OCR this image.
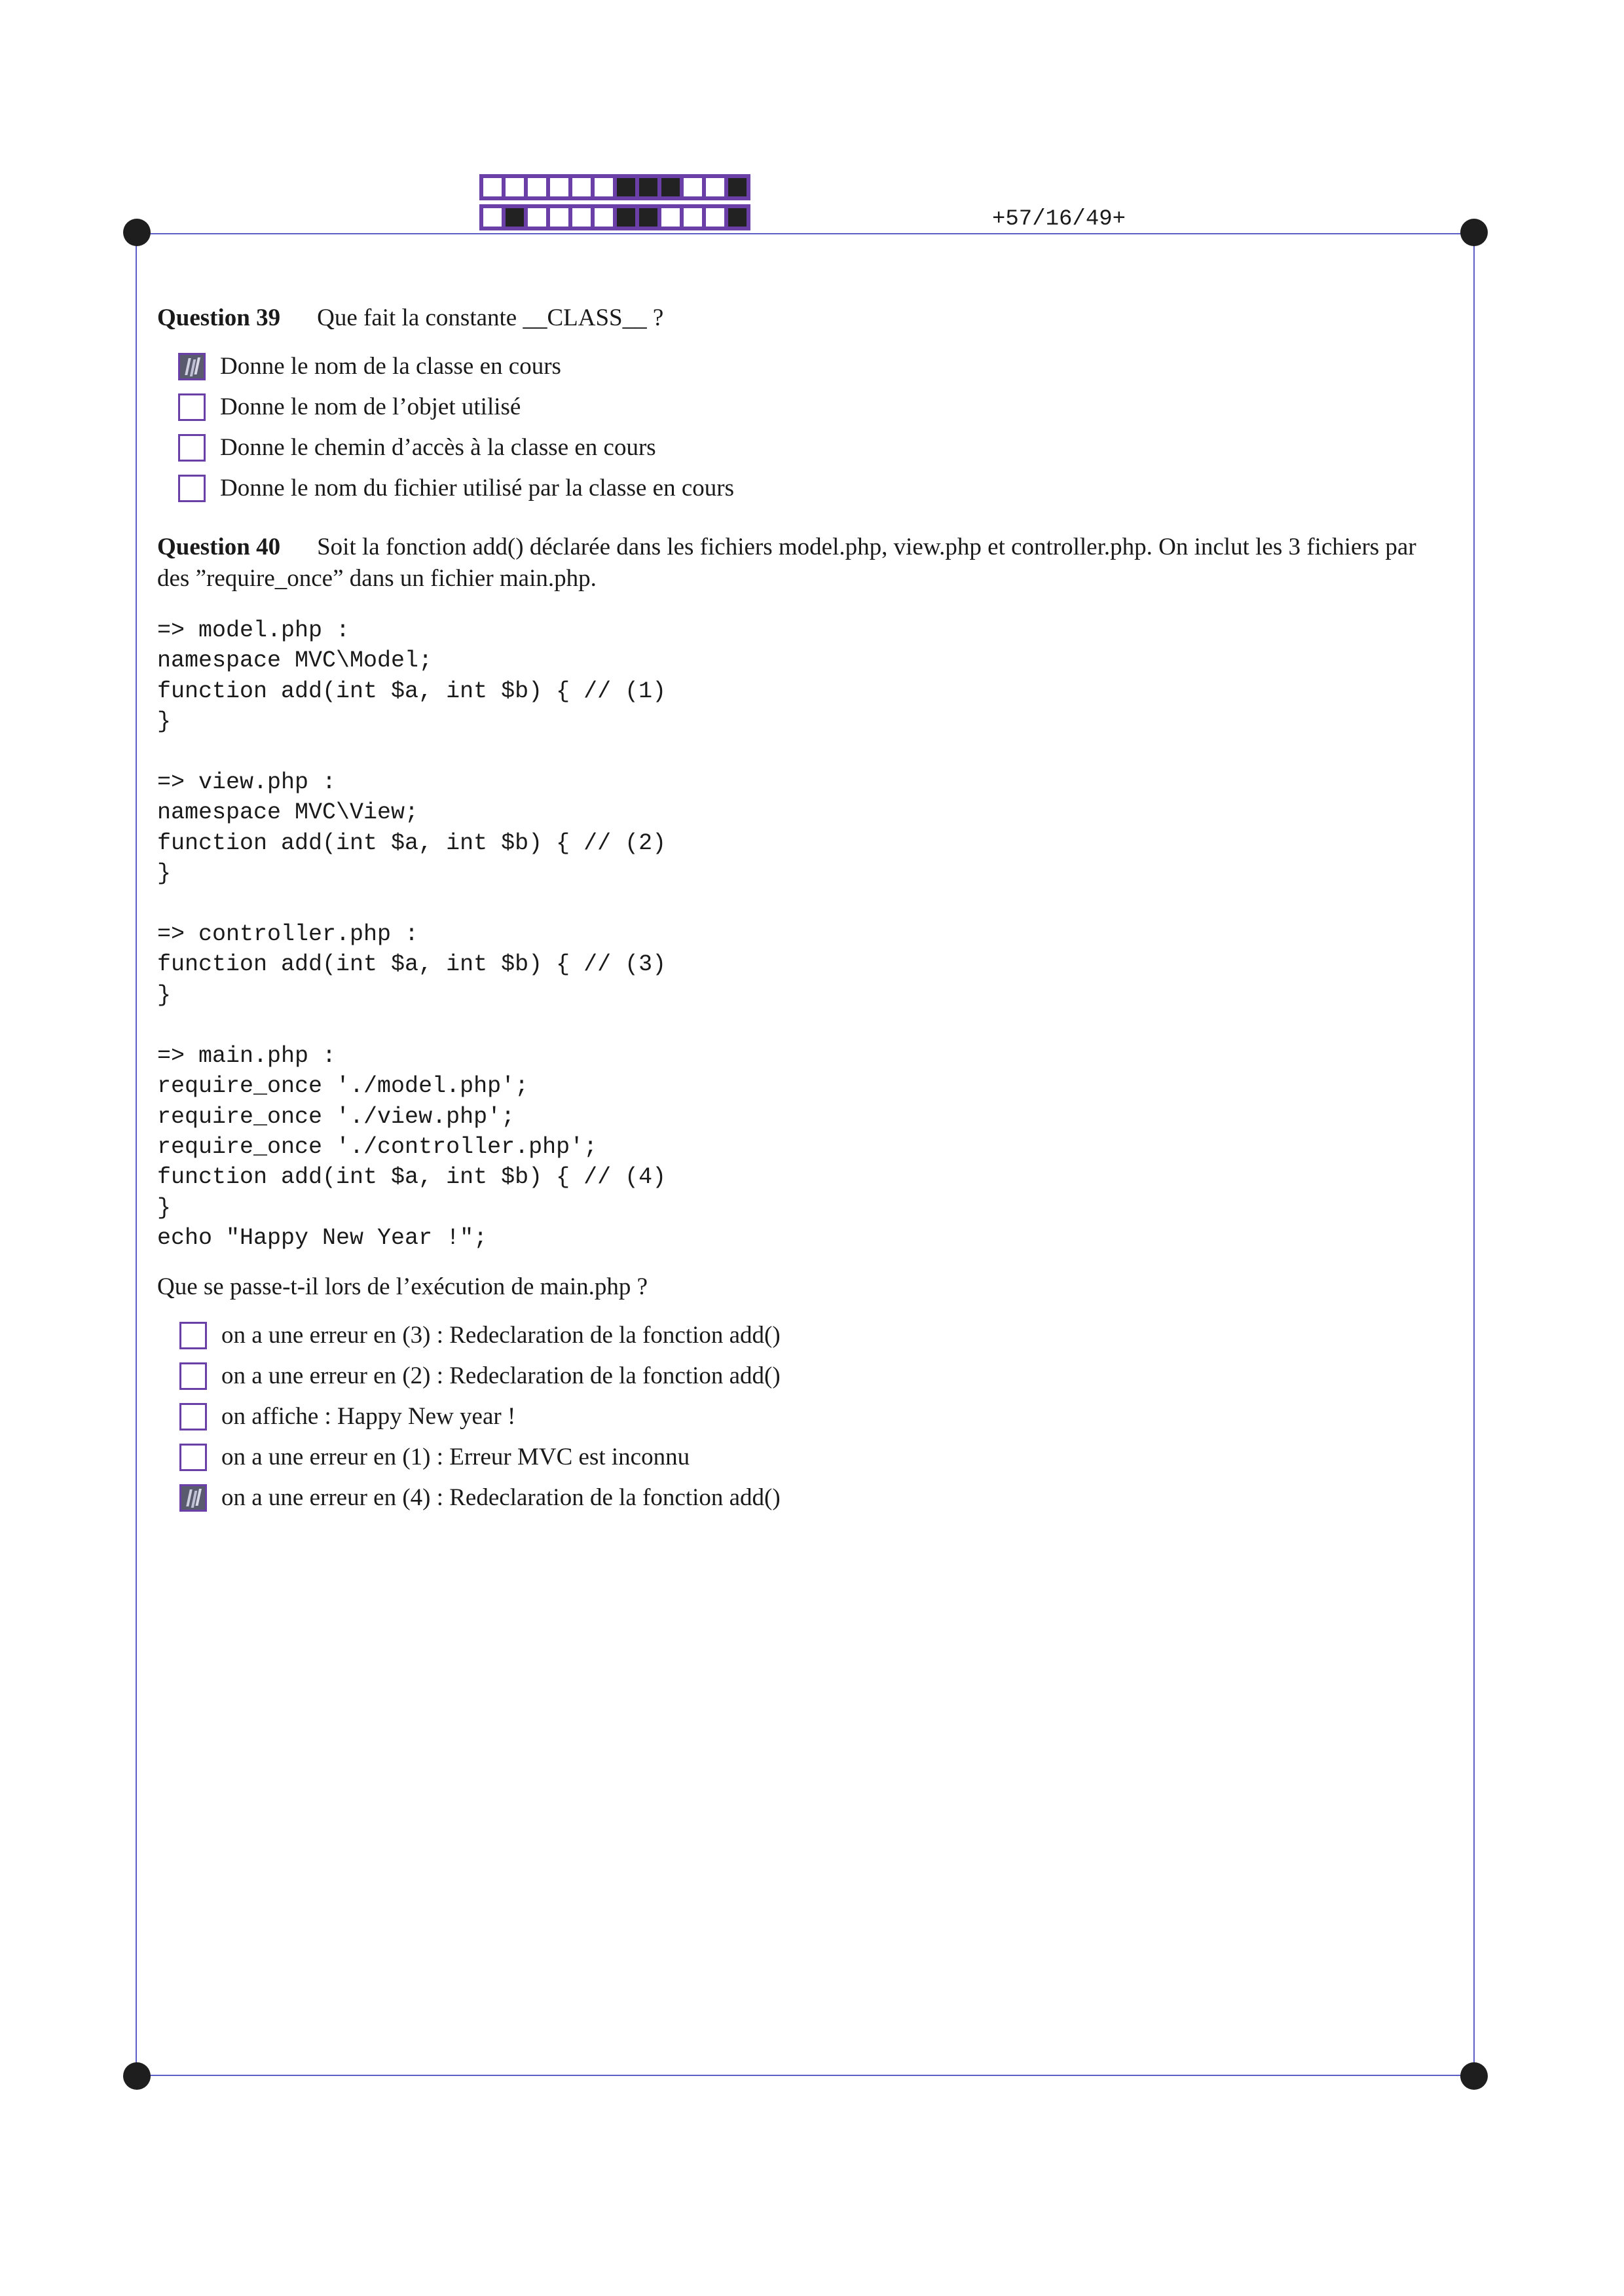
+57/16/49+
Question 39 Que fait la constante __CLASS__ ?
Donne le nom de la classe en cours
Donne le nom de l’objet utilisé
Donne le chemin d’accès à la classe en cours
Donne le nom du fichier utilisé par la classe en cours
Question 40 Soit la fonction add() déclarée dans les fichiers model.php, view.php et controller.php. On inclut les 3 fichiers par des ”require_once” dans un fichier main.php.
=> model.php :
namespace MVC\Model;
function add(int $a, int $b) { // (1)
}

=> view.php :
namespace MVC\View;
function add(int $a, int $b) { // (2)
}

=> controller.php :
function add(int $a, int $b) { // (3)
}

=> main.php :
require_once './model.php';
require_once './view.php';
require_once './controller.php';
function add(int $a, int $b) { // (4)
}
echo "Happy New Year !";
Que se passe-t-il lors de l’exécution de main.php ?
on a une erreur en (3) : Redeclaration de la fonction add()
on a une erreur en (2) : Redeclaration de la fonction add()
on affiche : Happy New year !
on a une erreur en (1) : Erreur MVC est inconnu
on a une erreur en (4) : Redeclaration de la fonction add()
